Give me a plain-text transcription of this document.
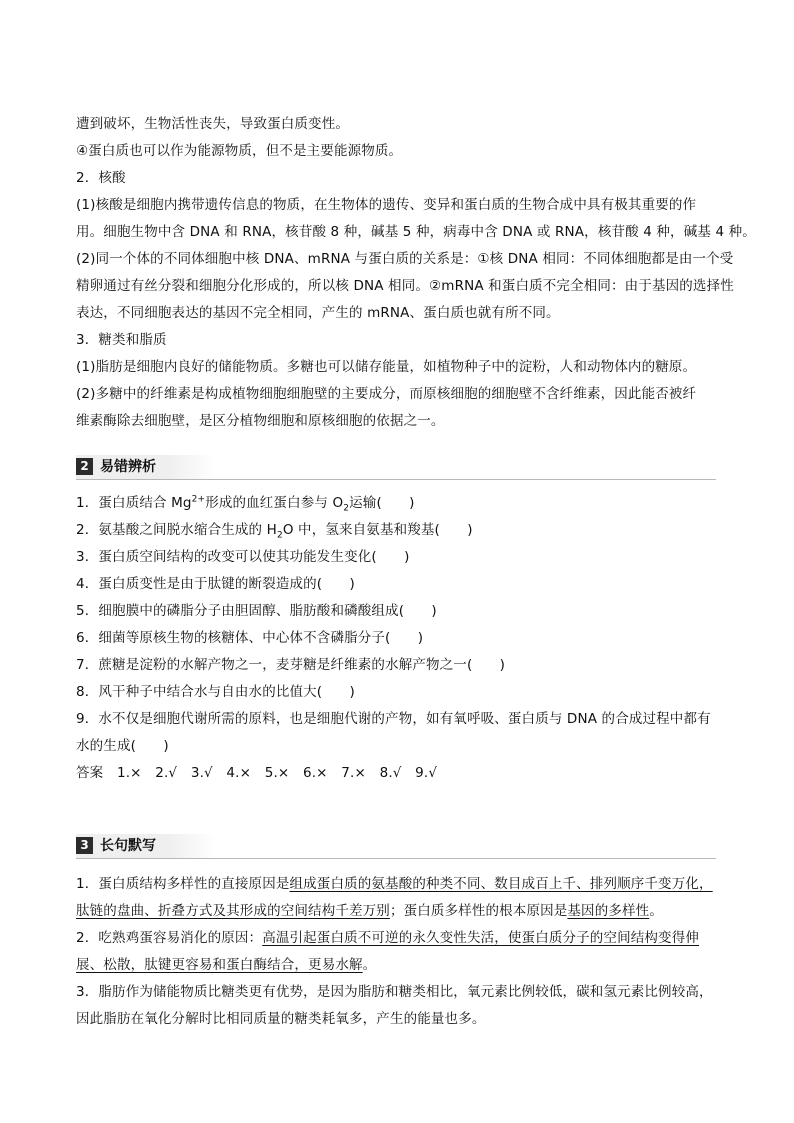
遭到破坏，生物活性丧失，导致蛋白质变性。
④蛋白质也可以作为能源物质，但不是主要能源物质。
2．核酸
(1)核酸是细胞内携带遗传信息的物质，在生物体的遗传、变异和蛋白质的生物合成中具有极其重要的作
用。细胞生物中含 DNA 和 RNA，核苷酸 8 种，碱基 5 种，病毒中含 DNA 或 RNA，核苷酸 4 种，碱基 4 种。
(2)同一个体的不同体细胞中核 DNA、mRNA 与蛋白质的关系是：①核 DNA 相同：不同体细胞都是由一个受
精卵通过有丝分裂和细胞分化形成的，所以核 DNA 相同。②mRNA 和蛋白质不完全相同：由于基因的选择性
表达，不同细胞表达的基因不完全相同，产生的 mRNA、蛋白质也就有所不同。
3．糖类和脂质
(1)脂肪是细胞内良好的储能物质。多糖也可以储存能量，如植物种子中的淀粉，人和动物体内的糖原。
(2)多糖中的纤维素是构成植物细胞细胞壁的主要成分，而原核细胞的细胞壁不含纤维素，因此能否被纤
维素酶除去细胞壁，是区分植物细胞和原核细胞的依据之一。
2 易错辨析
1．蛋白质结合 $Mg^{2+}$形成的血红蛋白参与 $O_2$运输(　　)
2．氨基酸之间脱水缩合生成的 $H_2O$ 中，氢来自氨基和羧基(　　)
3．蛋白质空间结构的改变可以使其功能发生变化(　　)
4．蛋白质变性是由于肽键的断裂造成的(　　)
5．细胞膜中的磷脂分子由胆固醇、脂肪酸和磷酸组成(　　)
6．细菌等原核生物的核糖体、中心体不含磷脂分子(　　)
7．蔗糖是淀粉的水解产物之一，麦芽糖是纤维素的水解产物之一(　　)
8．风干种子中结合水与自由水的比值大(　　)
9．水不仅是细胞代谢所需的原料，也是细胞代谢的产物，如有氧呼吸、蛋白质与 DNA 的合成过程中都有
水的生成(　　)
答案　1.×　2.√　3.√　4.×　5.×　6.×　7.×　8.√　9.√
3 长句默写
1．蛋白质结构多样性的直接原因是组成蛋白质的氨基酸的种类不同、数目成百上千、排列顺序千变万化，
肽链的盘曲、折叠方式及其形成的空间结构千差万别；蛋白质多样性的根本原因是基因的多样性。
2．吃熟鸡蛋容易消化的原因：高温引起蛋白质不可逆的永久变性失活，使蛋白质分子的空间结构变得伸
展、松散，肽键更容易和蛋白酶结合，更易水解。
3．脂肪作为储能物质比糖类更有优势，是因为脂肪和糖类相比，氧元素比例较低，碳和氢元素比例较高，
因此脂肪在氧化分解时比相同质量的糖类耗氧多，产生的能量也多。
